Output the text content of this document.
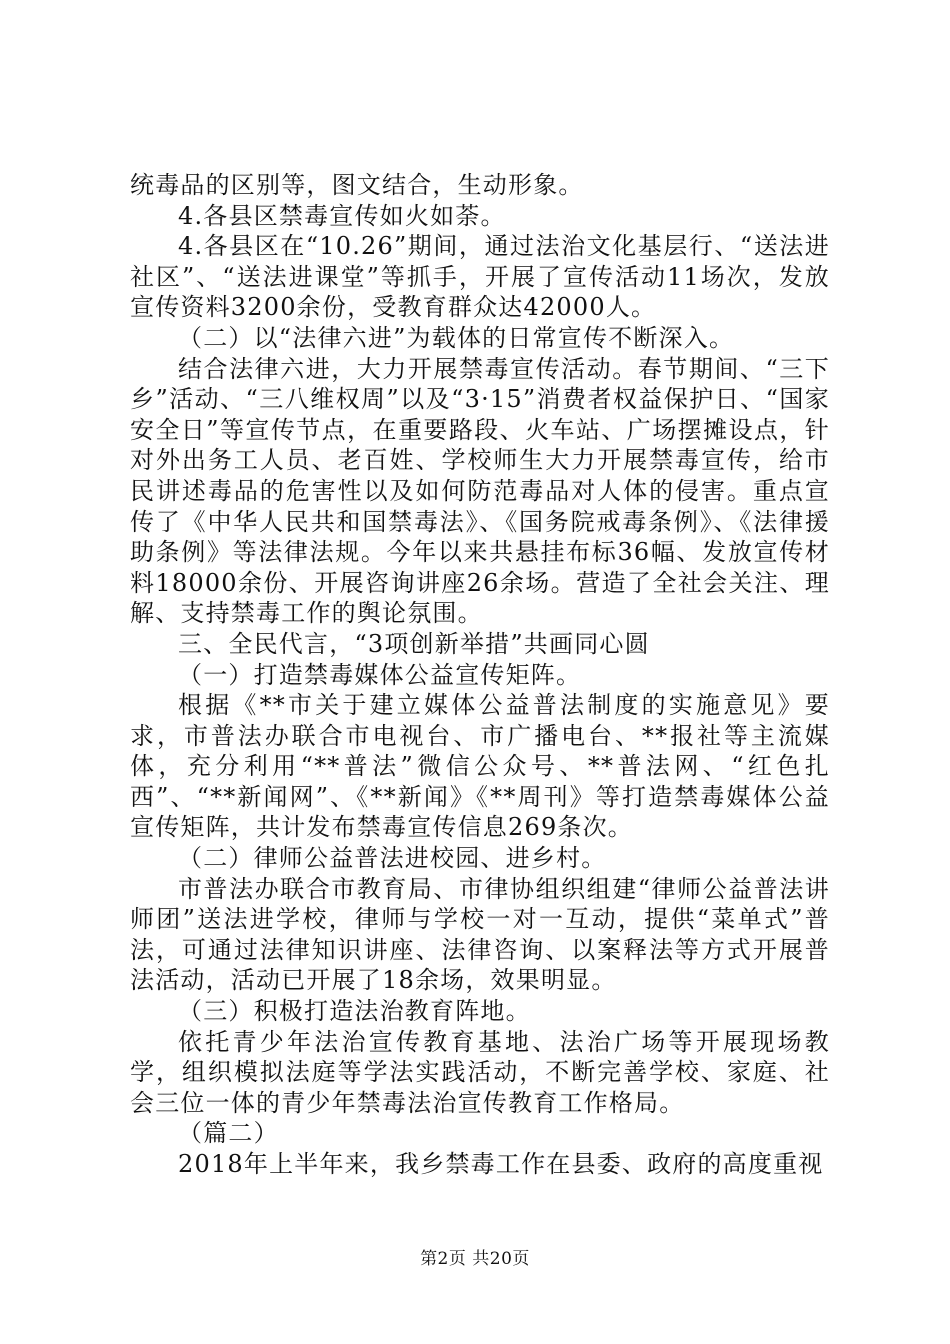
统毒品的区别等，图文结合，生动形象。

4.各县区禁毒宣传如火如荼。

4.各县区在“10.26”期间，通过法治文化基层行、“送法进社区”、“送法进课堂”等抓手，开展了宣传活动11场次，发放宣传资料3200余份，受教育群众达42000人。

（二）以“法律六进”为载体的日常宣传不断深入。

结合法律六进，大力开展禁毒宣传活动。春节期间、“三下乡”活动、“三八维权周”以及“3·15”消费者权益保护日、“国家安全日”等宣传节点，在重要路段、火车站、广场摆摊设点，针对外出务工人员、老百姓、学校师生大力开展禁毒宣传，给市民讲述毒品的危害性以及如何防范毒品对人体的侵害。重点宣传了《中华人民共和国禁毒法》、《国务院戒毒条例》、《法律援助条例》等法律法规。今年以来共悬挂布标36幅、发放宣传材料18000余份、开展咨询讲座26余场。营造了全社会关注、理解、支持禁毒工作的舆论氛围。

三、全民代言，“3项创新举措”共画同心圆

（一）打造禁毒媒体公益宣传矩阵。

根据《**市关于建立媒体公益普法制度的实施意见》要求，市普法办联合市电视台、市广播电台、**报社等主流媒体，充分利用“**普法”微信公众号、**普法网、“红色扎西”、“**新闻网”、《**新闻》《**周刊》等打造禁毒媒体公益宣传矩阵，共计发布禁毒宣传信息269条次。

（二）律师公益普法进校园、进乡村。

市普法办联合市教育局、市律协组织组建“律师公益普法讲师团”送法进学校，律师与学校一对一互动，提供“菜单式”普法，可通过法律知识讲座、法律咨询、以案释法等方式开展普法活动，活动已开展了18余场，效果明显。

（三）积极打造法治教育阵地。

依托青少年法治宣传教育基地、法治广场等开展现场教学，组织模拟法庭等学法实践活动，不断完善学校、家庭、社会三位一体的青少年禁毒法治宣传教育工作格局。

（篇二）

2018年上半年来，我乡禁毒工作在县委、政府的高度重视

第2页 共20页
